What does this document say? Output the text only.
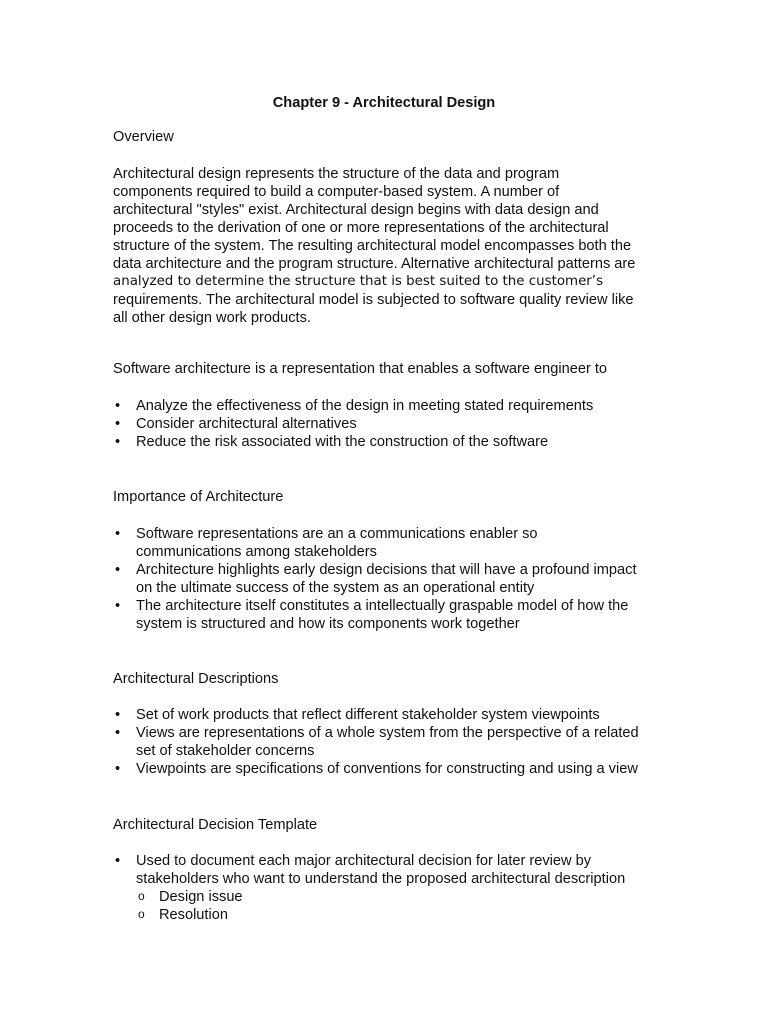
Chapter 9 - Architectural Design

Overview

Architectural design represents the structure of the data and program
components required to build a computer-based system. A number of
architectural "styles" exist. Architectural design begins with data design and
proceeds to the derivation of one or more representations of the architectural
structure of the system. The resulting architectural model encompasses both the
data architecture and the program structure. Alternative architectural patterns are
analyzed to determine the structure that is best suited to the customer’s
requirements. The architectural model is subjected to software quality review like
all other design work products.

Software architecture is a representation that enables a software engineer to

• Analyze the effectiveness of the design in meeting stated requirements
• Consider architectural alternatives
• Reduce the risk associated with the construction of the software

Importance of Architecture

• Software representations are an a communications enabler so
communications among stakeholders
• Architecture highlights early design decisions that will have a profound impact
on the ultimate success of the system as an operational entity
• The architecture itself constitutes a intellectually graspable model of how the
system is structured and how its components work together

Architectural Descriptions

• Set of work products that reflect different stakeholder system viewpoints
• Views are representations of a whole system from the perspective of a related
set of stakeholder concerns
• Viewpoints are specifications of conventions for constructing and using a view

Architectural Decision Template

• Used to document each major architectural decision for later review by
stakeholders who want to understand the proposed architectural description
o Design issue
o Resolution
